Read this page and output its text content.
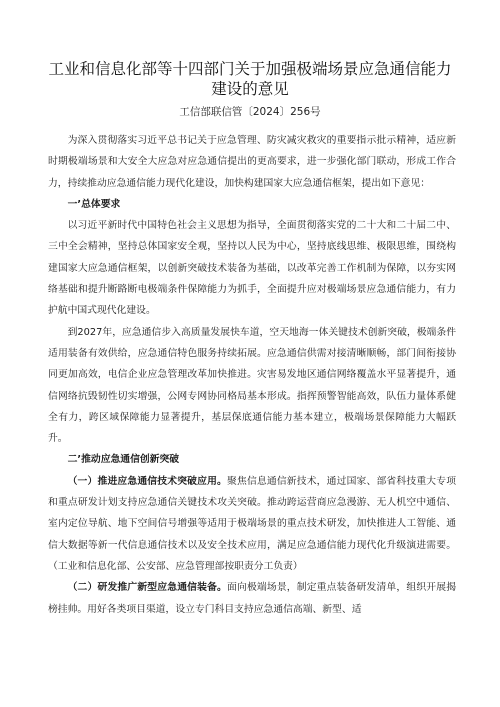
工业和信息化部等十四部门关于加强极端场景应急通信能力
建设的意见
工信部联信管〔2024〕256号

为深入贯彻落实习近平总书记关于应急管理、防灾减灾救灾的重要指示批示精神，适应新时期极端场景和大安全大应急对应急通信提出的更高要求，进一步强化部门联动，形成工作合力，持续推动应急通信能力现代化建设，加快构建国家大应急通信框架，提出如下意见：

一’总体要求

以习近平新时代中国特色社会主义思想为指导，全面贯彻落实党的二十大和二十届二中、三中全会精神，坚持总体国家安全观，坚持以人民为中心，坚持底线思维、极限思维，围绕构建国家大应急通信框架，以创新突破技术装备为基础，以改革完善工作机制为保障，以夯实网络基础和提升断路断电极端条件保障能力为抓手，全面提升应对极端场景应急通信能力，有力护航中国式现代化建设。

到2027年，应急通信步入高质量发展快车道，空天地海一体关键技术创新突破，极端条件适用装备有效供给，应急通信特色服务持续拓展。应急通信供需对接清晰顺畅，部门间衔接协同更加高效，电信企业应急管理改革加快推进。灾害易发地区通信网络覆盖水平显著提升，通信网络抗毁韧性切实增强，公网专网协同格局基本形成。指挥预警智能高效，队伍力量体系健全有力，跨区域保障能力显著提升，基层保底通信能力基本建立，极端场景保障能力大幅跃升。

二’推动应急通信创新突破

（一）推进应急通信技术突破应用。聚焦信息通信新技术，通过国家、部省科技重大专项和重点研发计划支持应急通信关键技术攻关突破。推动跨运营商应急漫游、无人机空中通信、室内定位导航、地下空间信号增强等适用于极端场景的重点技术研发，加快推进人工智能、通信大数据等新一代信息通信技术以及安全技术应用，满足应急通信能力现代化升级演进需要。（工业和信息化部、公安部、应急管理部按职责分工负责）

（二）研发推广新型应急通信装备。面向极端场景，制定重点装备研发清单，组织开展揭榜挂帅。用好各类项目渠道，设立专门科目支持应急通信高端、新型、适
